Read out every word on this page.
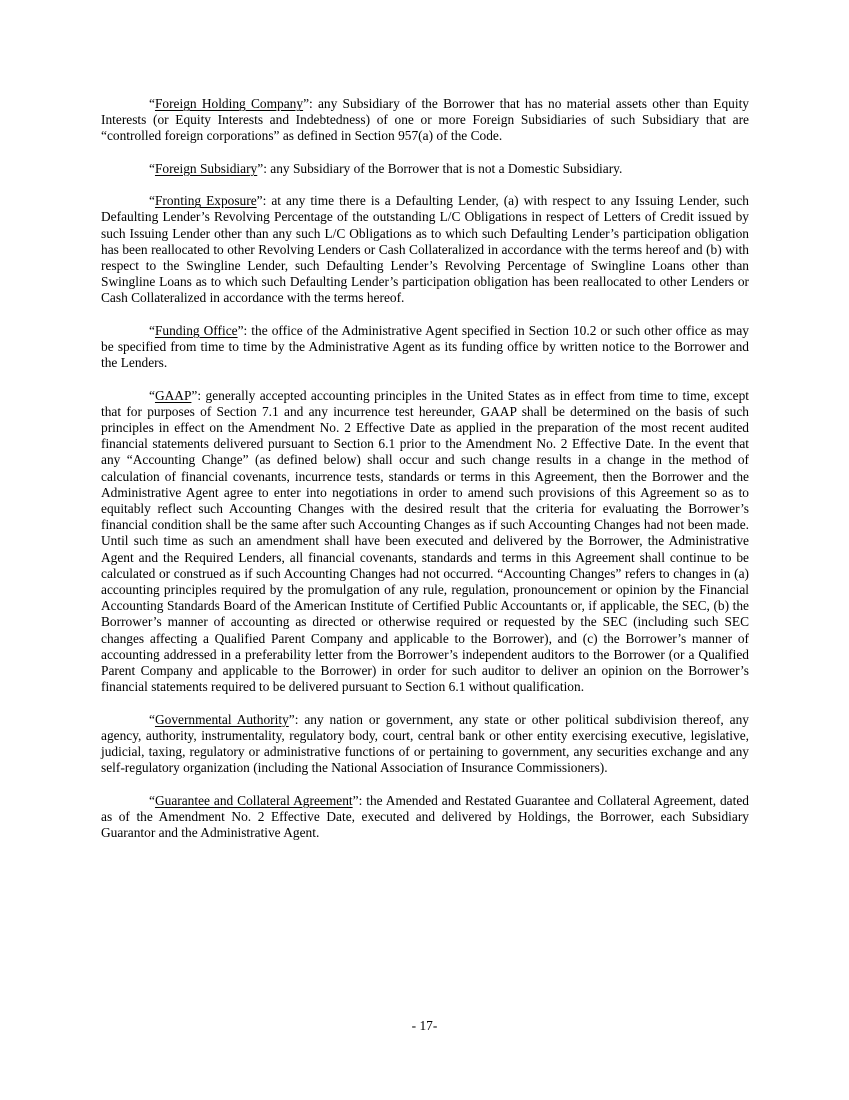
“Foreign Holding Company”: any Subsidiary of the Borrower that has no material assets other than Equity Interests (or Equity Interests and Indebtedness) of one or more Foreign Subsidiaries of such Subsidiary that are “controlled foreign corporations” as defined in Section 957(a) of the Code.

“Foreign Subsidiary”: any Subsidiary of the Borrower that is not a Domestic Subsidiary.

“Fronting Exposure”: at any time there is a Defaulting Lender, (a) with respect to any Issuing Lender, such Defaulting Lender’s Revolving Percentage of the outstanding L/C Obligations in respect of Letters of Credit issued by such Issuing Lender other than any such L/C Obligations as to which such Defaulting Lender’s participation obligation has been reallocated to other Revolving Lenders or Cash Collateralized in accordance with the terms hereof and (b) with respect to the Swingline Lender, such Defaulting Lender’s Revolving Percentage of Swingline Loans other than Swingline Loans as to which such Defaulting Lender’s participation obligation has been reallocated to other Lenders or Cash Collateralized in accordance with the terms hereof.

“Funding Office”: the office of the Administrative Agent specified in Section 10.2 or such other office as may be specified from time to time by the Administrative Agent as its funding office by written notice to the Borrower and the Lenders.

“GAAP”: generally accepted accounting principles in the United States as in effect from time to time, except that for purposes of Section 7.1 and any incurrence test hereunder, GAAP shall be determined on the basis of such principles in effect on the Amendment No. 2 Effective Date as applied in the preparation of the most recent audited financial statements delivered pursuant to Section 6.1 prior to the Amendment No. 2 Effective Date. In the event that any “Accounting Change” (as defined below) shall occur and such change results in a change in the method of calculation of financial covenants, incurrence tests, standards or terms in this Agreement, then the Borrower and the Administrative Agent agree to enter into negotiations in order to amend such provisions of this Agreement so as to equitably reflect such Accounting Changes with the desired result that the criteria for evaluating the Borrower’s financial condition shall be the same after such Accounting Changes as if such Accounting Changes had not been made. Until such time as such an amendment shall have been executed and delivered by the Borrower, the Administrative Agent and the Required Lenders, all financial covenants, standards and terms in this Agreement shall continue to be calculated or construed as if such Accounting Changes had not occurred. “Accounting Changes” refers to changes in (a) accounting principles required by the promulgation of any rule, regulation, pronouncement or opinion by the Financial Accounting Standards Board of the American Institute of Certified Public Accountants or, if applicable, the SEC, (b) the Borrower’s manner of accounting as directed or otherwise required or requested by the SEC (including such SEC changes affecting a Qualified Parent Company and applicable to the Borrower), and (c) the Borrower’s manner of accounting addressed in a preferability letter from the Borrower’s independent auditors to the Borrower (or a Qualified Parent Company and applicable to the Borrower) in order for such auditor to deliver an opinion on the Borrower’s financial statements required to be delivered pursuant to Section 6.1 without qualification.

“Governmental Authority”: any nation or government, any state or other political subdivision thereof, any agency, authority, instrumentality, regulatory body, court, central bank or other entity exercising executive, legislative, judicial, taxing, regulatory or administrative functions of or pertaining to government, any securities exchange and any self-regulatory organization (including the National Association of Insurance Commissioners).

“Guarantee and Collateral Agreement”: the Amended and Restated Guarantee and Collateral Agreement, dated as of the Amendment No. 2 Effective Date, executed and delivered by Holdings, the Borrower, each Subsidiary Guarantor and the Administrative Agent.

- 17-
